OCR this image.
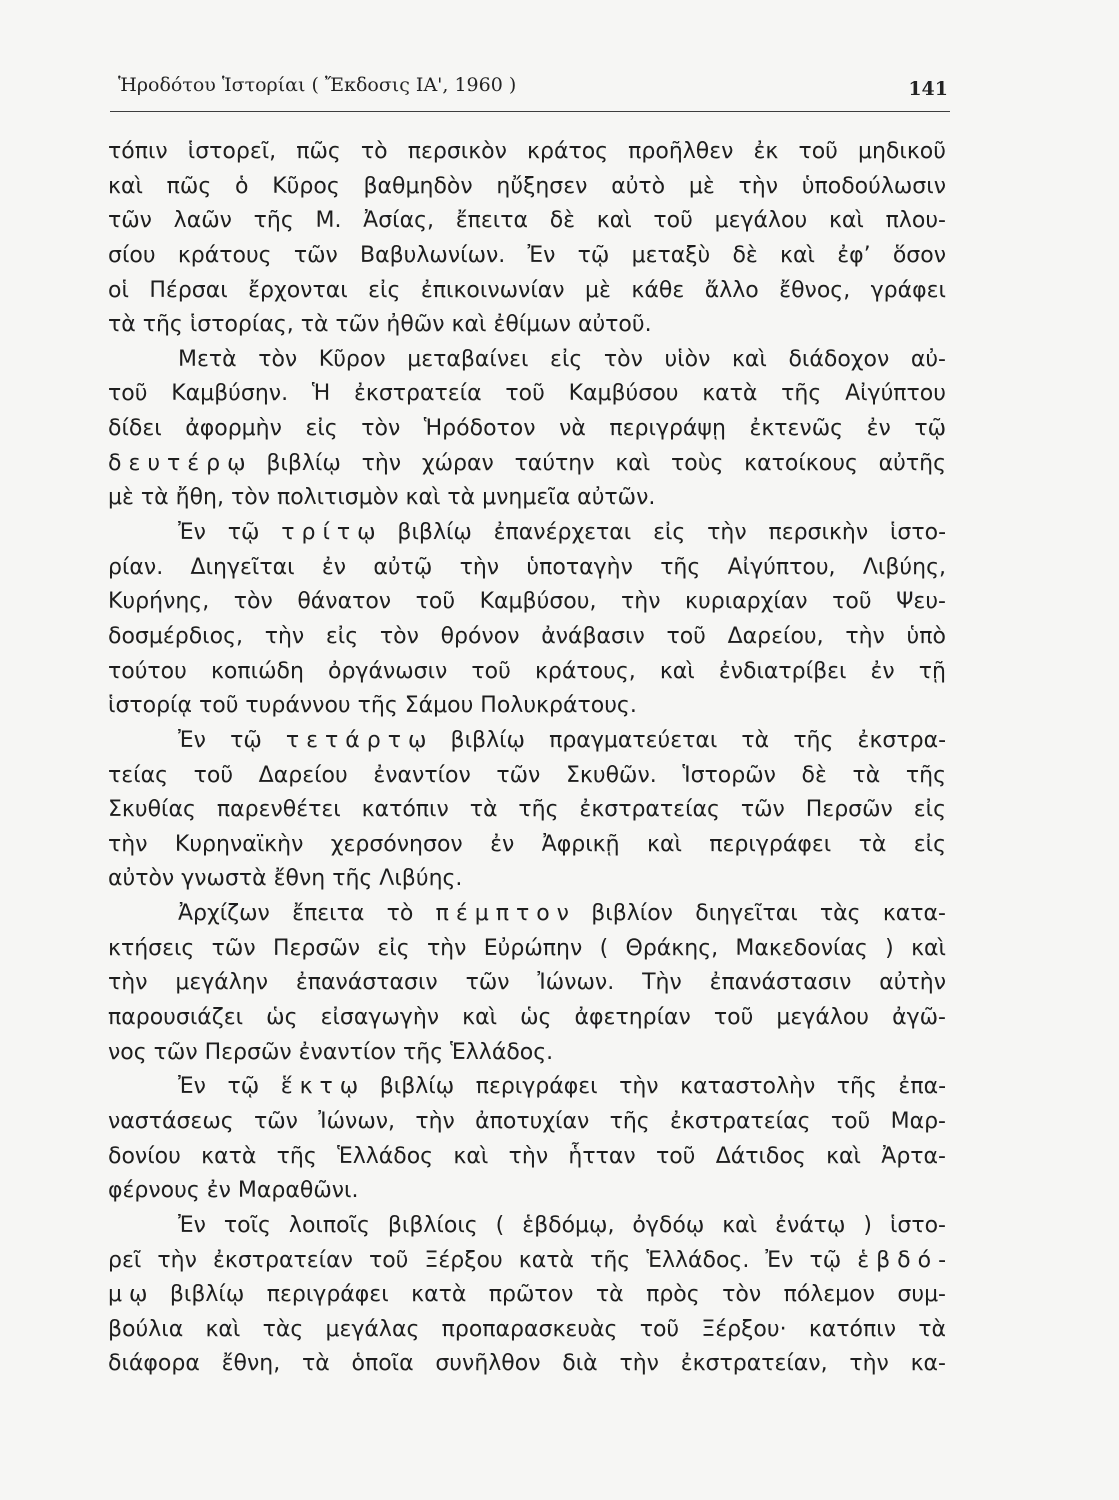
Ἡροδότου Ἱστορίαι ( Ἔκδοσις ΙΑ', 1960 )	141
τόπιν ἱστορεῖ, πῶς τὸ περσικὸν κράτος προῆλθεν ἐκ τοῦ μηδικοῦ
καὶ πῶς ὁ Κῦρος βαθμηδὸν ηὔξησεν αὐτὸ μὲ τὴν ὑποδούλωσιν
τῶν λαῶν τῆς Μ. Ἀσίας, ἔπειτα δὲ καὶ τοῦ μεγάλου καὶ πλου-
σίου κράτους τῶν Βαβυλωνίων. Ἐν τῷ μεταξὺ δὲ καὶ ἐφ’ ὅσον
οἱ Πέρσαι ἔρχονται εἰς ἐπικοινωνίαν μὲ κάθε ἄλλο ἔθνος, γράφει
τὰ τῆς ἱστορίας, τὰ τῶν ἠθῶν καὶ ἐθίμων αὐτοῦ.
Μετὰ τὸν Κῦρον μεταβαίνει εἰς τὸν υἱὸν καὶ διάδοχον αὐ-
τοῦ Καμβύσην. Ἡ ἐκστρατεία τοῦ Καμβύσου κατὰ τῆς Αἰγύπτου
δίδει ἀφορμὴν εἰς τὸν Ἡρόδοτον νὰ περιγράψῃ ἐκτενῶς ἐν τῷ
δ ε υ τ έ ρ ῳ βιβλίῳ τὴν χώραν ταύτην καὶ τοὺς κατοίκους αὐτῆς
μὲ τὰ ἤθη, τὸν πολιτισμὸν καὶ τὰ μνημεῖα αὐτῶν.
Ἐν τῷ τ ρ ί τ ῳ βιβλίῳ ἐπανέρχεται εἰς τὴν περσικὴν ἱστο-
ρίαν. Διηγεῖται ἐν αὐτῷ τὴν ὑποταγὴν τῆς Αἰγύπτου, Λιβύης,
Κυρήνης, τὸν θάνατον τοῦ Καμβύσου, τὴν κυριαρχίαν τοῦ Ψευ-
δοσμέρδιος, τὴν εἰς τὸν θρόνον ἀνάβασιν τοῦ Δαρείου, τὴν ὑπὸ
τούτου κοπιώδη ὀργάνωσιν τοῦ κράτους, καὶ ἐνδιατρίβει ἐν τῇ
ἱστορίᾳ τοῦ τυράννου τῆς Σάμου Πολυκράτους.
Ἐν τῷ τ ε τ ά ρ τ ῳ βιβλίῳ πραγματεύεται τὰ τῆς ἐκστρα-
τείας τοῦ Δαρείου ἐναντίον τῶν Σκυθῶν. Ἱστορῶν δὲ τὰ τῆς
Σκυθίας παρενθέτει κατόπιν τὰ τῆς ἐκστρατείας τῶν Περσῶν εἰς
τὴν Κυρηναϊκὴν χερσόνησον ἐν Ἀφρικῇ καὶ περιγράφει τὰ εἰς
αὐτὸν γνωστὰ ἔθνη τῆς Λιβύης.
Ἀρχίζων ἔπειτα τὸ π έ μ π τ ο ν βιβλίον διηγεῖται τὰς κατα-
κτήσεις τῶν Περσῶν εἰς τὴν Εὐρώπην ( Θράκης, Μακεδονίας ) καὶ
τὴν μεγάλην ἐπανάστασιν τῶν Ἰώνων. Τὴν ἐπανάστασιν αὐτὴν
παρουσιάζει ὡς εἰσαγωγὴν καὶ ὡς ἀφετηρίαν τοῦ μεγάλου ἀγῶ-
νος τῶν Περσῶν ἐναντίον τῆς Ἑλλάδος.
Ἐν τῷ ἕ κ τ ῳ βιβλίῳ περιγράφει τὴν καταστολὴν τῆς ἐπα-
ναστάσεως τῶν Ἰώνων, τὴν ἀποτυχίαν τῆς ἐκστρατείας τοῦ Μαρ-
δονίου κατὰ τῆς Ἑλλάδος καὶ τὴν ἧτταν τοῦ Δάτιδος καὶ Ἀρτα-
φέρνους ἐν Μαραθῶνι.
Ἐν τοῖς λοιποῖς βιβλίοις ( ἑβδόμῳ, ὀγδόῳ καὶ ἐνάτῳ ) ἱστο-
ρεῖ τὴν ἐκστρατείαν τοῦ Ξέρξου κατὰ τῆς Ἑλλάδος. Ἐν τῷ ἑ β δ ό -
μ ῳ βιβλίῳ περιγράφει κατὰ πρῶτον τὰ πρὸς τὸν πόλεμον συμ-
βούλια καὶ τὰς μεγάλας προπαρασκευὰς τοῦ Ξέρξου· κατόπιν τὰ
διάφορα ἔθνη, τὰ ὁποῖα συνῆλθον διὰ τὴν ἐκστρατείαν, τὴν κα-
